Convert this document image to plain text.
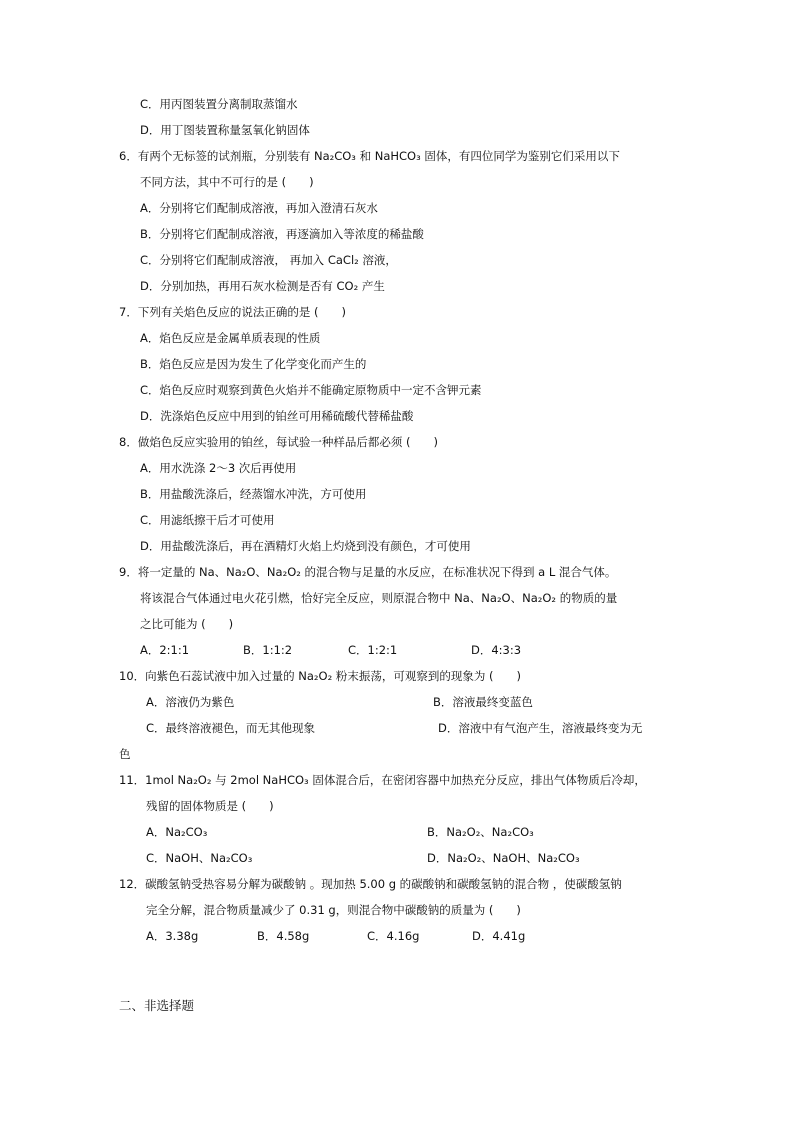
C．用丙图装置分离制取蒸馏水
D．用丁图装置称量氢氧化钠固体
6．有两个无标签的试剂瓶，分别装有 Na₂CO₃ 和 NaHCO₃ 固体，有四位同学为鉴别它们采用以下
不同方法，其中不可行的是 (　　)
A．分别将它们配制成溶液，再加入澄清石灰水
B．分别将它们配制成溶液，再逐滴加入等浓度的稀盐酸
C．分别将它们配制成溶液， 再加入 CaCl₂ 溶液，
D．分别加热，再用石灰水检测是否有 CO₂ 产生
7．下列有关焰色反应的说法正确的是 (　　)
A．焰色反应是金属单质表现的性质
B．焰色反应是因为发生了化学变化而产生的
C．焰色反应时观察到黄色火焰并不能确定原物质中一定不含钾元素
D．洗涤焰色反应中用到的铂丝可用稀硫酸代替稀盐酸
8．做焰色反应实验用的铂丝，每试验一种样品后都必须 (　　)
A．用水洗涤 2～3 次后再使用
B．用盐酸洗涤后，经蒸馏水冲洗，方可使用
C．用滤纸擦干后才可使用
D．用盐酸洗涤后，再在酒精灯火焰上灼烧到没有颜色，才可使用
9．将一定量的 Na、Na₂O、Na₂O₂ 的混合物与足量的水反应，在标准状况下得到 a L 混合气体。
将该混合气体通过电火花引燃，恰好完全反应，则原混合物中 Na、Na₂O、Na₂O₂ 的物质的量
之比可能为 (　　)
A．2:1:1	B．1:1:2	C．1:2:1	D．4:3:3
10．向紫色石蕊试液中加入过量的 Na₂O₂ 粉末振荡，可观察到的现象为 (　　)
A．溶液仍为紫色	B．溶液最终变蓝色
C．最终溶液褪色，而无其他现象	D．溶液中有气泡产生，溶液最终变为无
色
11．1mol Na₂O₂ 与 2mol NaHCO₃ 固体混合后，在密闭容器中加热充分反应，排出气体物质后冷却，
残留的固体物质是 (　　)
A．Na₂CO₃	B．Na₂O₂、Na₂CO₃
C．NaOH、Na₂CO₃	D．Na₂O₂、NaOH、Na₂CO₃
12．碳酸氢钠受热容易分解为碳酸钠 。现加热 5.00 g 的碳酸钠和碳酸氢钠的混合物 ，使碳酸氢钠
完全分解，混合物质量减少了 0.31 g，则混合物中碳酸钠的质量为 (　　)
A．3.38g	B．4.58g	C．4.16g	D．4.41g
二、非选择题
